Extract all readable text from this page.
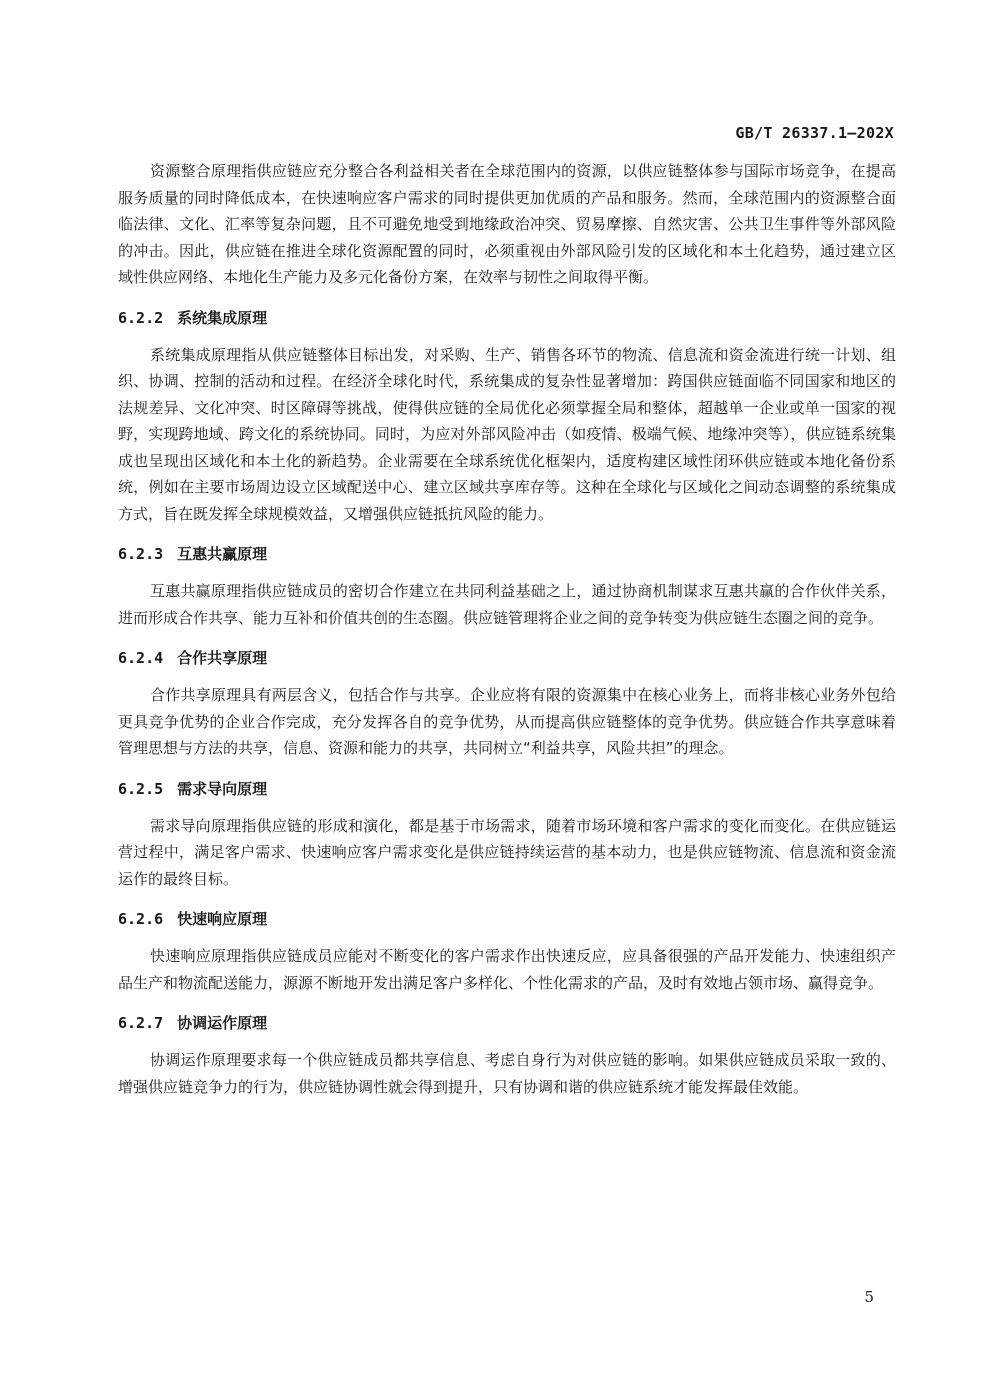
GB/T 26337.1—202X

资源整合原理指供应链应充分整合各利益相关者在全球范围内的资源，以供应链整体参与国际市场竞争，在提高服务质量的同时降低成本，在快速响应客户需求的同时提供更加优质的产品和服务。然而，全球范围内的资源整合面临法律、文化、汇率等复杂问题，且不可避免地受到地缘政治冲突、贸易摩擦、自然灾害、公共卫生事件等外部风险的冲击。因此，供应链在推进全球化资源配置的同时，必须重视由外部风险引发的区域化和本土化趋势，通过建立区域性供应网络、本地化生产能力及多元化备份方案，在效率与韧性之间取得平衡。

6.2.2 系统集成原理

系统集成原理指从供应链整体目标出发，对采购、生产、销售各环节的物流、信息流和资金流进行统一计划、组织、协调、控制的活动和过程。在经济全球化时代，系统集成的复杂性显著增加：跨国供应链面临不同国家和地区的法规差异、文化冲突、时区障碍等挑战，使得供应链的全局优化必须掌握全局和整体，超越单一企业或单一国家的视野，实现跨地域、跨文化的系统协同。同时，为应对外部风险冲击（如疫情、极端气候、地缘冲突等），供应链系统集成也呈现出区域化和本土化的新趋势。企业需要在全球系统优化框架内，适度构建区域性闭环供应链或本地化备份系统，例如在主要市场周边设立区域配送中心、建立区域共享库存等。这种在全球化与区域化之间动态调整的系统集成方式，旨在既发挥全球规模效益，又增强供应链抵抗风险的能力。

6.2.3 互惠共赢原理

互惠共赢原理指供应链成员的密切合作建立在共同利益基础之上，通过协商机制谋求互惠共赢的合作伙伴关系，进而形成合作共享、能力互补和价值共创的生态圈。供应链管理将企业之间的竞争转变为供应链生态圈之间的竞争。

6.2.4 合作共享原理

合作共享原理具有两层含义，包括合作与共享。企业应将有限的资源集中在核心业务上，而将非核心业务外包给更具竞争优势的企业合作完成，充分发挥各自的竞争优势，从而提高供应链整体的竞争优势。供应链合作共享意味着管理思想与方法的共享，信息、资源和能力的共享，共同树立“利益共享，风险共担”的理念。

6.2.5 需求导向原理

需求导向原理指供应链的形成和演化，都是基于市场需求，随着市场环境和客户需求的变化而变化。在供应链运营过程中，满足客户需求、快速响应客户需求变化是供应链持续运营的基本动力，也是供应链物流、信息流和资金流运作的最终目标。

6.2.6 快速响应原理

快速响应原理指供应链成员应能对不断变化的客户需求作出快速反应，应具备很强的产品开发能力、快速组织产品生产和物流配送能力，源源不断地开发出满足客户多样化、个性化需求的产品，及时有效地占领市场、赢得竞争。

6.2.7 协调运作原理

协调运作原理要求每一个供应链成员都共享信息、考虑自身行为对供应链的影响。如果供应链成员采取一致的、增强供应链竞争力的行为，供应链协调性就会得到提升，只有协调和谐的供应链系统才能发挥最佳效能。

5
